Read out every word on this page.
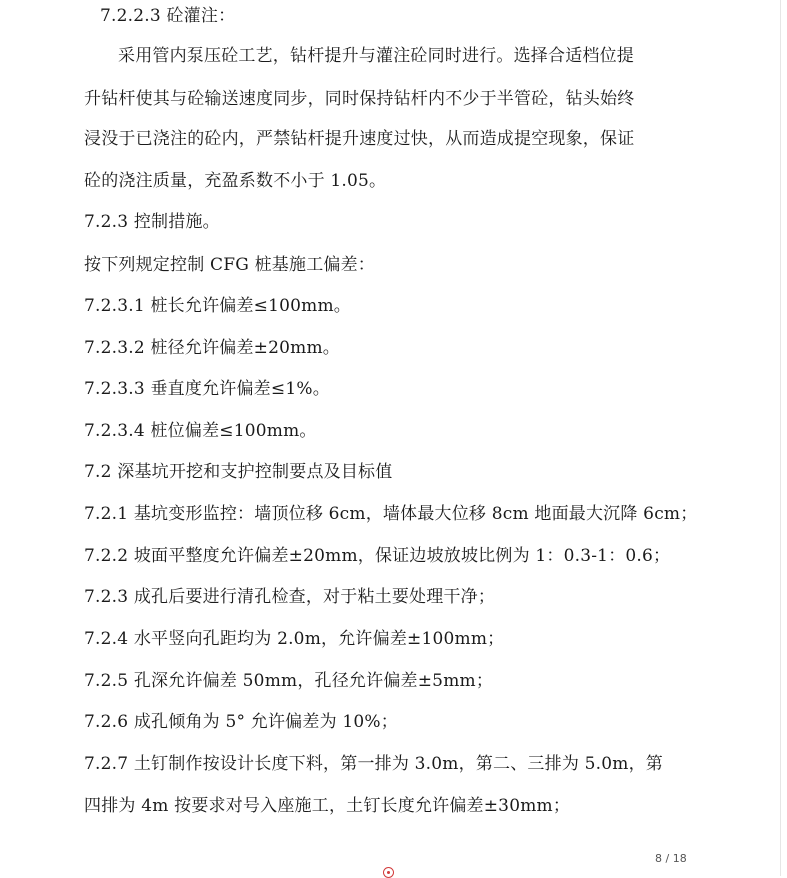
7.2.2.3 砼灌注：
采用管内泵压砼工艺，钻杆提升与灌注砼同时进行。选择合适档位提
升钻杆使其与砼输送速度同步，同时保持钻杆内不少于半管砼，钻头始终
浸没于已浇注的砼内，严禁钻杆提升速度过快，从而造成提空现象，保证
砼的浇注质量，充盈系数不小于 1.05。
7.2.3 控制措施。
按下列规定控制 CFG 桩基施工偏差：
7.2.3.1 桩长允许偏差≤100mm。
7.2.3.2 桩径允许偏差±20mm。
7.2.3.3 垂直度允许偏差≤1%。
7.2.3.4 桩位偏差≤100mm。
7.2 深基坑开挖和支护控制要点及目标值
7.2.1 基坑变形监控：墙顶位移 6cm，墙体最大位移 8cm 地面最大沉降 6cm；
7.2.2 坡面平整度允许偏差±20mm，保证边坡放坡比例为 1：0.3-1：0.6；
7.2.3 成孔后要进行清孔检查，对于粘土要处理干净；
7.2.4 水平竖向孔距均为 2.0m，允许偏差±100mm；
7.2.5 孔深允许偏差 50mm，孔径允许偏差±5mm；
7.2.6 成孔倾角为 5° 允许偏差为 10%；
7.2.7 土钉制作按设计长度下料，第一排为 3.0m，第二、三排为 5.0m，第
四排为 4m 按要求对号入座施工，土钉长度允许偏差±30mm；
8 / 18
